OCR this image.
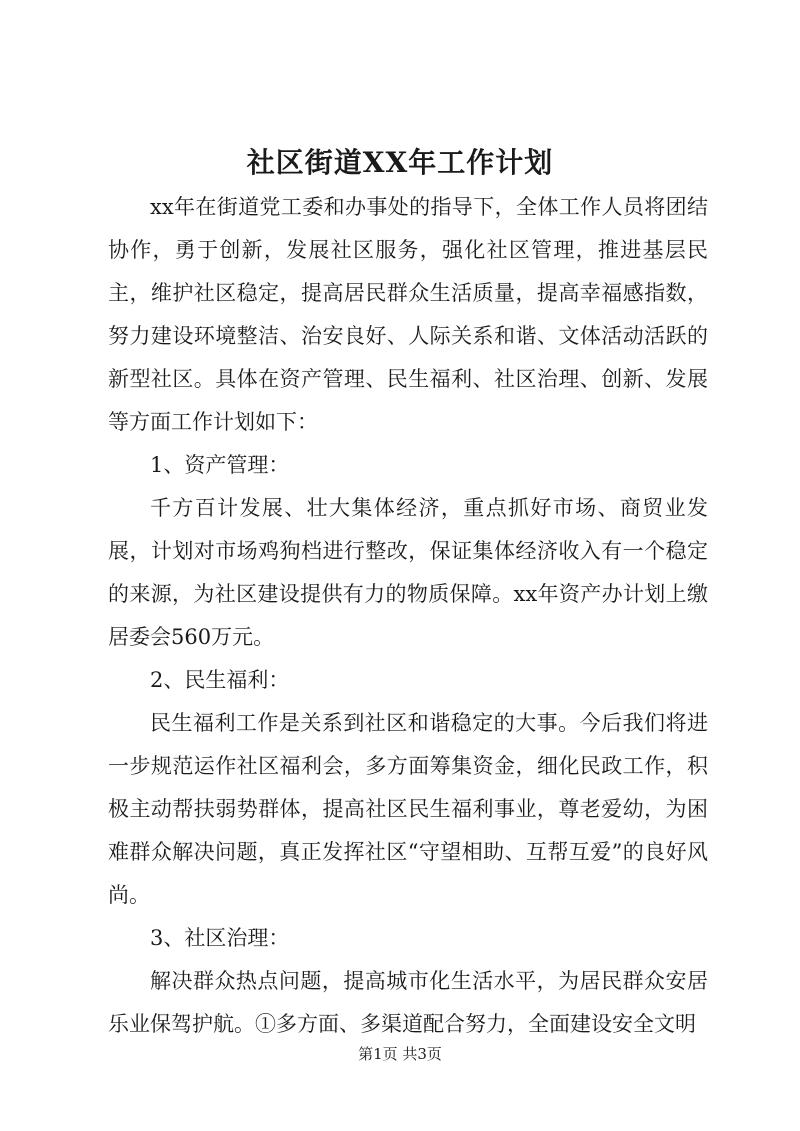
社区街道XX年工作计划

xx年在街道党工委和办事处的指导下，全体工作人员将团结协作，勇于创新，发展社区服务，强化社区管理，推进基层民主，维护社区稳定，提高居民群众生活质量，提高幸福感指数，努力建设环境整洁、治安良好、人际关系和谐、文体活动活跃的新型社区。具体在资产管理、民生福利、社区治理、创新、发展等方面工作计划如下：

1、资产管理：

千方百计发展、壮大集体经济，重点抓好市场、商贸业发展，计划对市场鸡狗档进行整改，保证集体经济收入有一个稳定的来源，为社区建设提供有力的物质保障。xx年资产办计划上缴居委会560万元。

2、民生福利：

民生福利工作是关系到社区和谐稳定的大事。今后我们将进一步规范运作社区福利会，多方面筹集资金，细化民政工作，积极主动帮扶弱势群体，提高社区民生福利事业，尊老爱幼，为困难群众解决问题，真正发挥社区“守望相助、互帮互爱”的良好风尚。

3、社区治理：

解决群众热点问题，提高城市化生活水平，为居民群众安居乐业保驾护航。①多方面、多渠道配合努力，全面建设安全文明

第1页 共3页
